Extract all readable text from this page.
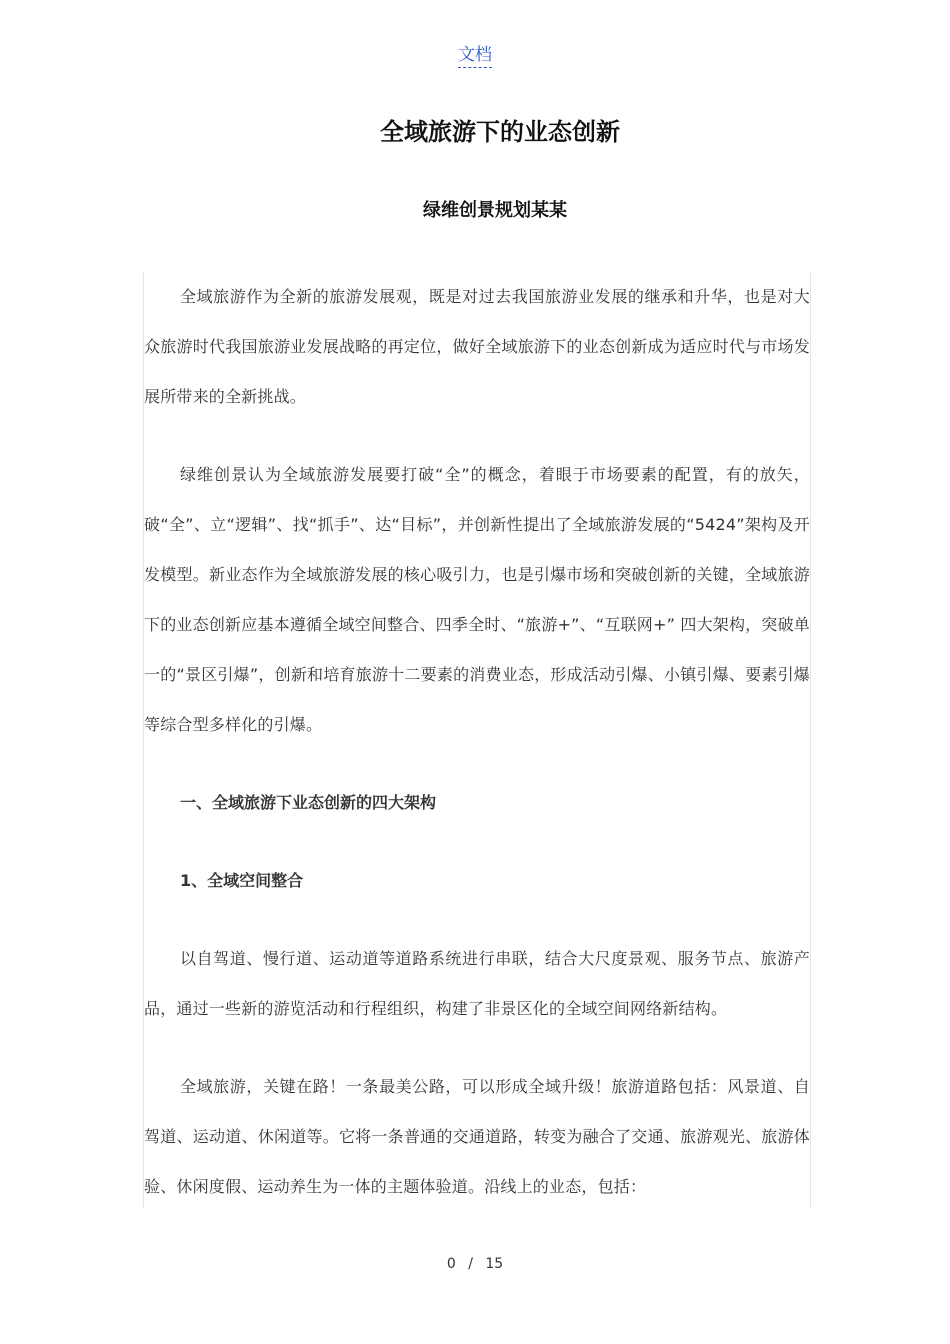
文档
全域旅游下的业态创新
绿维创景规划某某

全域旅游作为全新的旅游发展观，既是对过去我国旅游业发展的继承和升华，也是对大众旅游时代我国旅游业发展战略的再定位，做好全域旅游下的业态创新成为适应时代与市场发展所带来的全新挑战。

绿维创景认为全域旅游发展要打破“全”的概念，着眼于市场要素的配置，有的放矢，破“全”、立“逻辑”、找“抓手”、达“目标”，并创新性提出了全域旅游发展的“5424”架构及开发模型。新业态作为全域旅游发展的核心吸引力，也是引爆市场和突破创新的关键，全域旅游下的业态创新应基本遵循全域空间整合、四季全时、“旅游+”、“互联网+” 四大架构，突破单一的“景区引爆”，创新和培育旅游十二要素的消费业态，形成活动引爆、小镇引爆、要素引爆等综合型多样化的引爆。

一、全域旅游下业态创新的四大架构

1、全域空间整合

以自驾道、慢行道、运动道等道路系统进行串联，结合大尺度景观、服务节点、旅游产品，通过一些新的游览活动和行程组织，构建了非景区化的全域空间网络新结构。

全域旅游，关键在路！一条最美公路，可以形成全域升级！旅游道路包括：风景道、自驾道、运动道、休闲道等。它将一条普通的交通道路，转变为融合了交通、旅游观光、旅游体验、休闲度假、运动养生为一体的主题体验道。沿线上的业态，包括：

0 / 15
